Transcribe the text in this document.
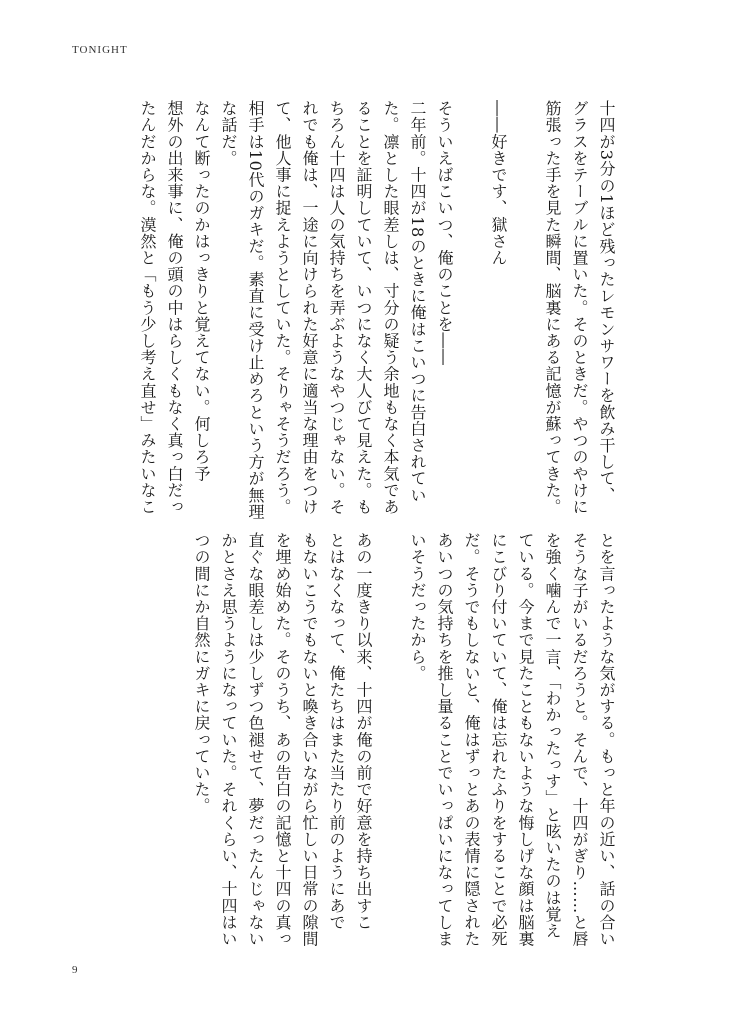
TONIGHT

十四が3分の1ほど残ったレモンサワーを飲み干して、

グラスをテーブルに置いた。そのときだ。やつのやけに

筋張った手を見た瞬間、脳裏にある記憶が蘇ってきた。

――好きです、獄さん

そういえばこいつ、俺のことを――

二年前。十四が18のときに俺はこいつに告白されてい

た。凛とした眼差しは、寸分の疑う余地もなく本気であ

ることを証明していて、いつになく大人びて見えた。も

ちろん十四は人の気持ちを弄ぶようなやつじゃない。そ

れでも俺は、一途に向けられた好意に適当な理由をつけ

て、他人事に捉えようとしていた。そりゃそうだろう。

相手は10代のガキだ。素直に受け止めろという方が無理

な話だ。

なんて断ったのかはっきりと覚えてない。何しろ予

想外の出来事に、俺の頭の中はらしくもなく真っ白だっ

たんだからな。漠然と「もう少し考え直せ」みたいなこ

とを言ったような気がする。もっと年の近い、話の合い

そうな子がいるだろうと。そんで、十四がぎり……と唇

を強く噛んで一言、「わかったっす」と呟いたのは覚え

ている。今まで見たこともないような悔しげな顔は脳裏

にこびり付いていて、俺は忘れたふりをすることで必死

だ。そうでもしないと、俺はずっとあの表情に隠された

あいつの気持ちを推し量ることでいっぱいになってしま

いそうだったから。

あの一度きり以来、十四が俺の前で好意を持ち出すこ

とはなくなって、俺たちはまた当たり前のようにあで

もないこうでもないと喚き合いながら忙しい日常の隙間

を埋め始めた。そのうち、あの告白の記憶と十四の真っ

直ぐな眼差しは少しずつ色褪せて、夢だったんじゃない

かとさえ思うようになっていた。それくらい、十四はい

つの間にか自然にガキに戻っていた。

9
